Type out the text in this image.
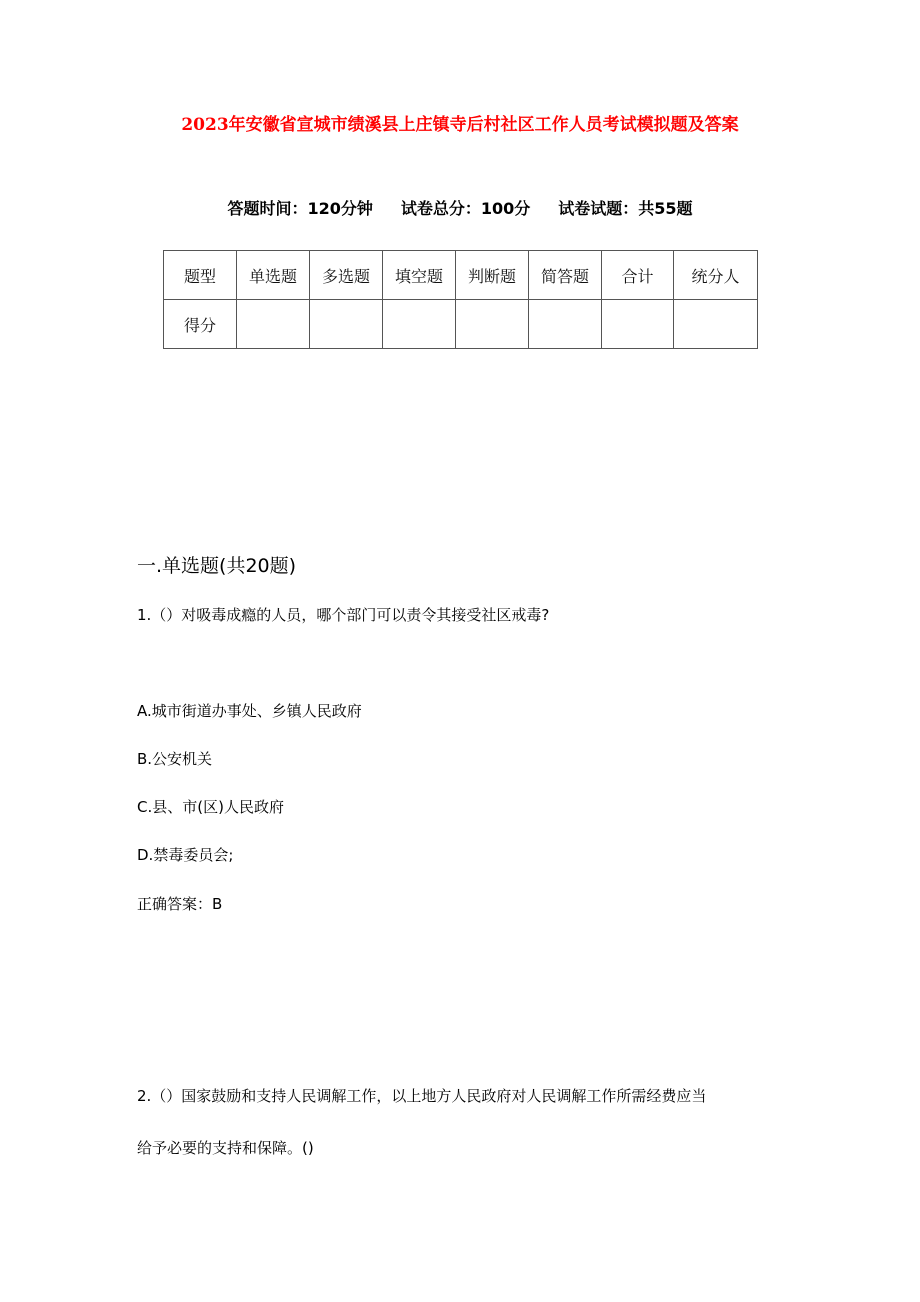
2023年安徽省宣城市绩溪县上庄镇寺后村社区工作人员考试模拟题及答案
答题时间：120分钟 试卷总分：100分 试卷试题：共55题
题型	单选题	多选题	填空题	判断题	简答题	合计	统分人
得分							
一.单选题(共20题)
1.（）对吸毒成瘾的人员，哪个部门可以责令其接受社区戒毒?
A.城市街道办事处、乡镇人民政府
B.公安机关
C.县、市(区)人民政府
D.禁毒委员会;
正确答案：B
2.（）国家鼓励和支持人民调解工作，以上地方人民政府对人民调解工作所需经费应当
给予必要的支持和保障。()
